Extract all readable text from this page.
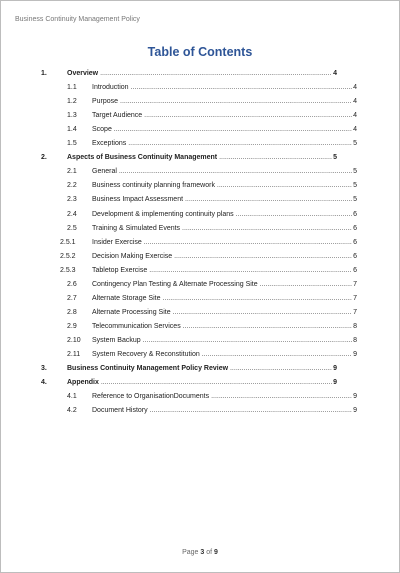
Business Continuity Management Policy
Table of Contents
1.	Overview .....	4
1.1 Introduction .....	4
1.2 Purpose .....	4
1.3 Target Audience .....	4
1.4 Scope .....	4
1.5 Exceptions .....	5
2.	Aspects of Business Continuity Management .....	5
2.1 General .....	5
2.2 Business continuity planning framework .....	5
2.3 Business Impact Assessment .....	5
2.4 Development & implementing continuity plans .....	6
2.5 Training & Simulated Events .....	6
2.5.1 Insider Exercise .....	6
2.5.2 Decision Making Exercise .....	6
2.5.3 Tabletop Exercise .....	6
2.6 Contingency Plan Testing & Alternate Processing Site .....	7
2.7 Alternate Storage Site .....	7
2.8 Alternate Processing Site .....	7
2.9 Telecommunication Services .....	8
2.10 System Backup .....	8
2.11 System Recovery & Reconstitution .....	9
3.	Business Continuity Management Policy Review .....	9
4.	Appendix .....	9
4.1 Reference to OrganisationDocuments .....	9
4.2 Document History .....	9
Page 3 of 9
